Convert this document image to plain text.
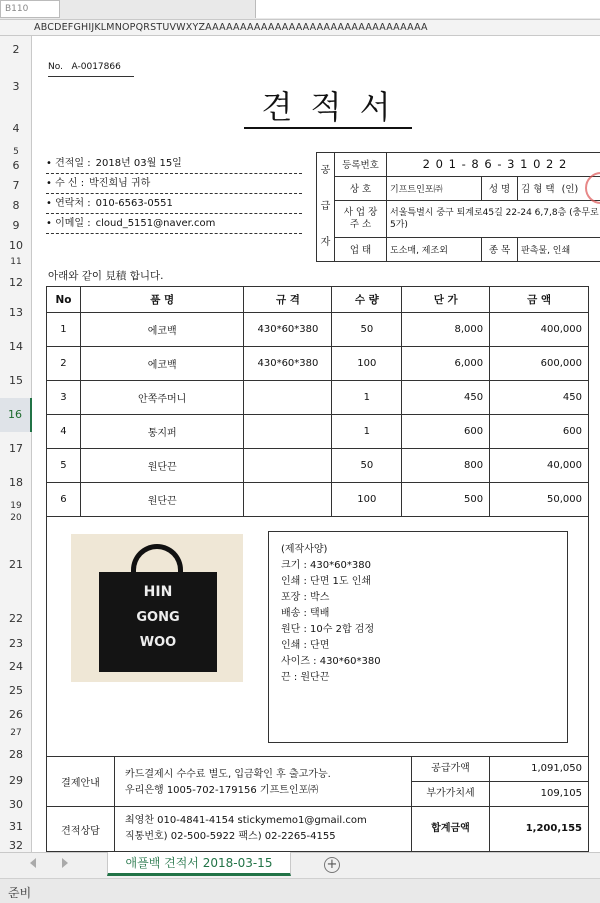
B110
ABCDEFGHIJKLMNOPQRSTUVWXYZAAAAAAAAAAAAAAAAAAAAAAAAAAAAAAAA
2
3
4
5
6
7
8
9
10
11
12
13
14
15
16
17
18
19
20
21
22
23
24
25
26
27
28
29
30
31
32
No. A-0017866
견 적 서
• 견적일 : 2018년 03월 15일
• 수 신 : 박진희님 귀하
• 연락처 : 010-6563-0551
• 이메일 : cloud_5151@naver.com
공
급
자	등록번호	2 0 1 - 8 6 - 3 1 0 2 2		
	상 호	기프트인포㈜	성 명	김 형 택 (인)

	사 업 장 주 소	서울특별시 중구 퇴계로45길 22-24 6,7,8층 (충무로5가)		
	업 태	도소매, 제조외	종 목	판촉물, 인쇄
아래와 같이 見積 합니다.
No	품 명	규 격	수 량	단 가	금 액
1	에코백	430*60*380	50	8,000	400,000
2	에코백	430*60*380	100	6,000	600,000
3	안쪽주머니		1	450	450
4	통지퍼		1	600	600
5	원단끈		50	800	40,000
6	원단끈		100	500	50,000
HIN
GONG
WOO
(제작사양)
크기 : 430*60*380
인쇄 : 단면 1도 인쇄
포장 : 박스
배송 : 택배
원단 : 10수 2합 검정
인쇄 : 단면
사이즈 : 430*60*380
끈 : 원단끈
결제안내
카드결제시 수수료 별도, 입금확인 후 출고가능.
우리은행 1005-702-179156 기프트인포㈜
공급가액	1,091,050
부가가치세	109,105
견적상담
최영찬 010-4841-4154 stickymemo1@gmail.com
직통번호) 02-500-5922 팩스) 02-2265-4155
합계금액	1,200,155
애플백 견적서 2018-03-15	+
준비
